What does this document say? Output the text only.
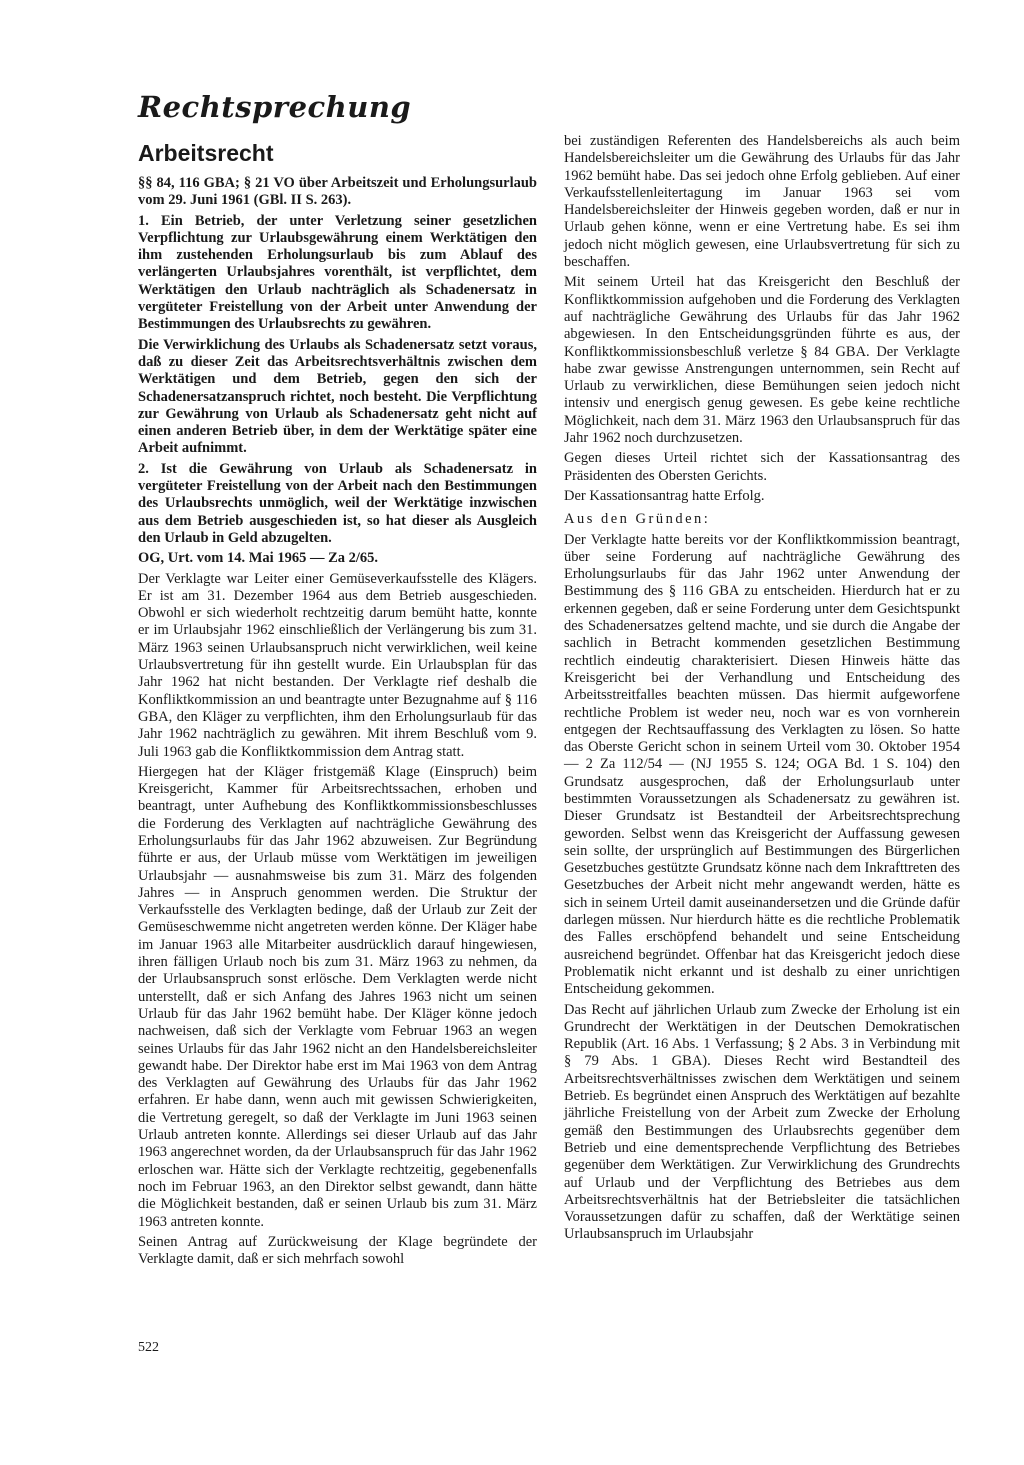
Rechtsprechung
Arbeitsrecht

§§ 84, 116 GBA; § 21 VO über Arbeitszeit und Erholungsurlaub vom 29. Juni 1961 (GBl. II S. 263).

1. Ein Betrieb, der unter Verletzung seiner gesetzlichen Verpflichtung zur Urlaubsgewährung einem Werktätigen den ihm zustehenden Erholungsurlaub bis zum Ablauf des verlängerten Urlaubsjahres vorenthält, ist verpflichtet, dem Werktätigen den Urlaub nachträglich als Schadenersatz in vergüteter Freistellung von der Arbeit unter Anwendung der Bestimmungen des Urlaubsrechts zu gewähren.

Die Verwirklichung des Urlaubs als Schadenersatz setzt voraus, daß zu dieser Zeit das Arbeitsrechtsverhältnis zwischen dem Werktätigen und dem Betrieb, gegen den sich der Schadenersatzanspruch richtet, noch besteht. Die Verpflichtung zur Gewährung von Urlaub als Schadenersatz geht nicht auf einen anderen Betrieb über, in dem der Werktätige später eine Arbeit aufnimmt.

2. Ist die Gewährung von Urlaub als Schadenersatz in vergüteter Freistellung von der Arbeit nach den Bestimmungen des Urlaubsrechts unmöglich, weil der Werktätige inzwischen aus dem Betrieb ausgeschieden ist, so hat dieser als Ausgleich den Urlaub in Geld abzugelten.

OG, Urt. vom 14. Mai 1965 — Za 2/65.

Der Verklagte war Leiter einer Gemüseverkaufsstelle des Klägers. Er ist am 31. Dezember 1964 aus dem Betrieb ausgeschieden. Obwohl er sich wiederholt rechtzeitig darum bemüht hatte, konnte er im Urlaubsjahr 1962 einschließlich der Verlängerung bis zum 31. März 1963 seinen Urlaubsanspruch nicht verwirklichen, weil keine Urlaubsvertretung für ihn gestellt wurde. Ein Urlaubsplan für das Jahr 1962 hat nicht bestanden. Der Verklagte rief deshalb die Konfliktkommission an und beantragte unter Bezugnahme auf § 116 GBA, den Kläger zu verpflichten, ihm den Erholungsurlaub für das Jahr 1962 nachträglich zu gewähren. Mit ihrem Beschluß vom 9. Juli 1963 gab die Konfliktkommission dem Antrag statt.

Hiergegen hat der Kläger fristgemäß Klage (Einspruch) beim Kreisgericht, Kammer für Arbeitsrechtssachen, erhoben und beantragt, unter Aufhebung des Konfliktkommissionsbeschlusses die Forderung des Verklagten auf nachträgliche Gewährung des Erholungsurlaubs für das Jahr 1962 abzuweisen. Zur Begründung führte er aus, der Urlaub müsse vom Werktätigen im jeweiligen Urlaubsjahr — ausnahmsweise bis zum 31. März des folgenden Jahres — in Anspruch genommen werden. Die Struktur der Verkaufsstelle des Verklagten bedinge, daß der Urlaub zur Zeit der Gemüseschwemme nicht angetreten werden könne. Der Kläger habe im Januar 1963 alle Mitarbeiter ausdrücklich darauf hingewiesen, ihren fälligen Urlaub noch bis zum 31. März 1963 zu nehmen, da der Urlaubsanspruch sonst erlösche. Dem Verklagten werde nicht unterstellt, daß er sich Anfang des Jahres 1963 nicht um seinen Urlaub für das Jahr 1962 bemüht habe. Der Kläger könne jedoch nachweisen, daß sich der Verklagte vom Februar 1963 an wegen seines Urlaubs für das Jahr 1962 nicht an den Handelsbereichsleiter gewandt habe. Der Direktor habe erst im Mai 1963 von dem Antrag des Verklagten auf Gewährung des Urlaubs für das Jahr 1962 erfahren. Er habe dann, wenn auch mit gewissen Schwierigkeiten, die Vertretung geregelt, so daß der Verklagte im Juni 1963 seinen Urlaub antreten konnte. Allerdings sei dieser Urlaub auf das Jahr 1963 angerechnet worden, da der Urlaubsanspruch für das Jahr 1962 erloschen war. Hätte sich der Verklagte rechtzeitig, gegebenenfalls noch im Februar 1963, an den Direktor selbst gewandt, dann hätte die Möglichkeit bestanden, daß er seinen Urlaub bis zum 31. März 1963 antreten konnte.

Seinen Antrag auf Zurückweisung der Klage begründete der Verklagte damit, daß er sich mehrfach sowohl

bei zuständigen Referenten des Handelsbereichs als auch beim Handelsbereichsleiter um die Gewährung des Urlaubs für das Jahr 1962 bemüht habe. Das sei jedoch ohne Erfolg geblieben. Auf einer Verkaufsstellenleitertagung im Januar 1963 sei vom Handelsbereichsleiter der Hinweis gegeben worden, daß er nur in Urlaub gehen könne, wenn er eine Vertretung habe. Es sei ihm jedoch nicht möglich gewesen, eine Urlaubsvertretung für sich zu beschaffen.

Mit seinem Urteil hat das Kreisgericht den Beschluß der Konfliktkommission aufgehoben und die Forderung des Verklagten auf nachträgliche Gewährung des Urlaubs für das Jahr 1962 abgewiesen. In den Entscheidungsgründen führte es aus, der Konfliktkommissionsbeschluß verletze § 84 GBA. Der Verklagte habe zwar gewisse Anstrengungen unternommen, sein Recht auf Urlaub zu verwirklichen, diese Bemühungen seien jedoch nicht intensiv und energisch genug gewesen. Es gebe keine rechtliche Möglichkeit, nach dem 31. März 1963 den Urlaubsanspruch für das Jahr 1962 noch durchzusetzen.

Gegen dieses Urteil richtet sich der Kassationsantrag des Präsidenten des Obersten Gerichts.

Der Kassationsantrag hatte Erfolg.

Aus den Gründen:

Der Verklagte hatte bereits vor der Konfliktkommission beantragt, über seine Forderung auf nachträgliche Gewährung des Erholungsurlaubs für das Jahr 1962 unter Anwendung der Bestimmung des § 116 GBA zu entscheiden. Hierdurch hat er zu erkennen gegeben, daß er seine Forderung unter dem Gesichtspunkt des Schadenersatzes geltend machte, und sie durch die Angabe der sachlich in Betracht kommenden gesetzlichen Bestimmung rechtlich eindeutig charakterisiert. Diesen Hinweis hätte das Kreisgericht bei der Verhandlung und Entscheidung des Arbeitsstreitfalles beachten müssen. Das hiermit aufgeworfene rechtliche Problem ist weder neu, noch war es von vornherein entgegen der Rechtsauffassung des Verklagten zu lösen. So hatte das Oberste Gericht schon in seinem Urteil vom 30. Oktober 1954 — 2 Za 112/54 — (NJ 1955 S. 124; OGA Bd. 1 S. 104) den Grundsatz ausgesprochen, daß der Erholungsurlaub unter bestimmten Voraussetzungen als Schadenersatz zu gewähren ist. Dieser Grundsatz ist Bestandteil der Arbeitsrechtsprechung geworden. Selbst wenn das Kreisgericht der Auffassung gewesen sein sollte, der ursprünglich auf Bestimmungen des Bürgerlichen Gesetzbuches gestützte Grundsatz könne nach dem Inkrafttreten des Gesetzbuches der Arbeit nicht mehr angewandt werden, hätte es sich in seinem Urteil damit auseinandersetzen und die Gründe dafür darlegen müssen. Nur hierdurch hätte es die rechtliche Problematik des Falles erschöpfend behandelt und seine Entscheidung ausreichend begründet. Offenbar hat das Kreisgericht jedoch diese Problematik nicht erkannt und ist deshalb zu einer unrichtigen Entscheidung gekommen.

Das Recht auf jährlichen Urlaub zum Zwecke der Erholung ist ein Grundrecht der Werktätigen in der Deutschen Demokratischen Republik (Art. 16 Abs. 1 Verfassung; § 2 Abs. 3 in Verbindung mit § 79 Abs. 1 GBA). Dieses Recht wird Bestandteil des Arbeitsrechtsverhältnisses zwischen dem Werktätigen und seinem Betrieb. Es begründet einen Anspruch des Werktätigen auf bezahlte jährliche Freistellung von der Arbeit zum Zwecke der Erholung gemäß den Bestimmungen des Urlaubsrechts gegenüber dem Betrieb und eine dementsprechende Verpflichtung des Betriebes gegenüber dem Werktätigen. Zur Verwirklichung des Grundrechts auf Urlaub und der Verpflichtung des Betriebes aus dem Arbeitsrechtsverhältnis hat der Betriebsleiter die tatsächlichen Voraussetzungen dafür zu schaffen, daß der Werktätige seinen Urlaubsanspruch im Urlaubsjahr

522
